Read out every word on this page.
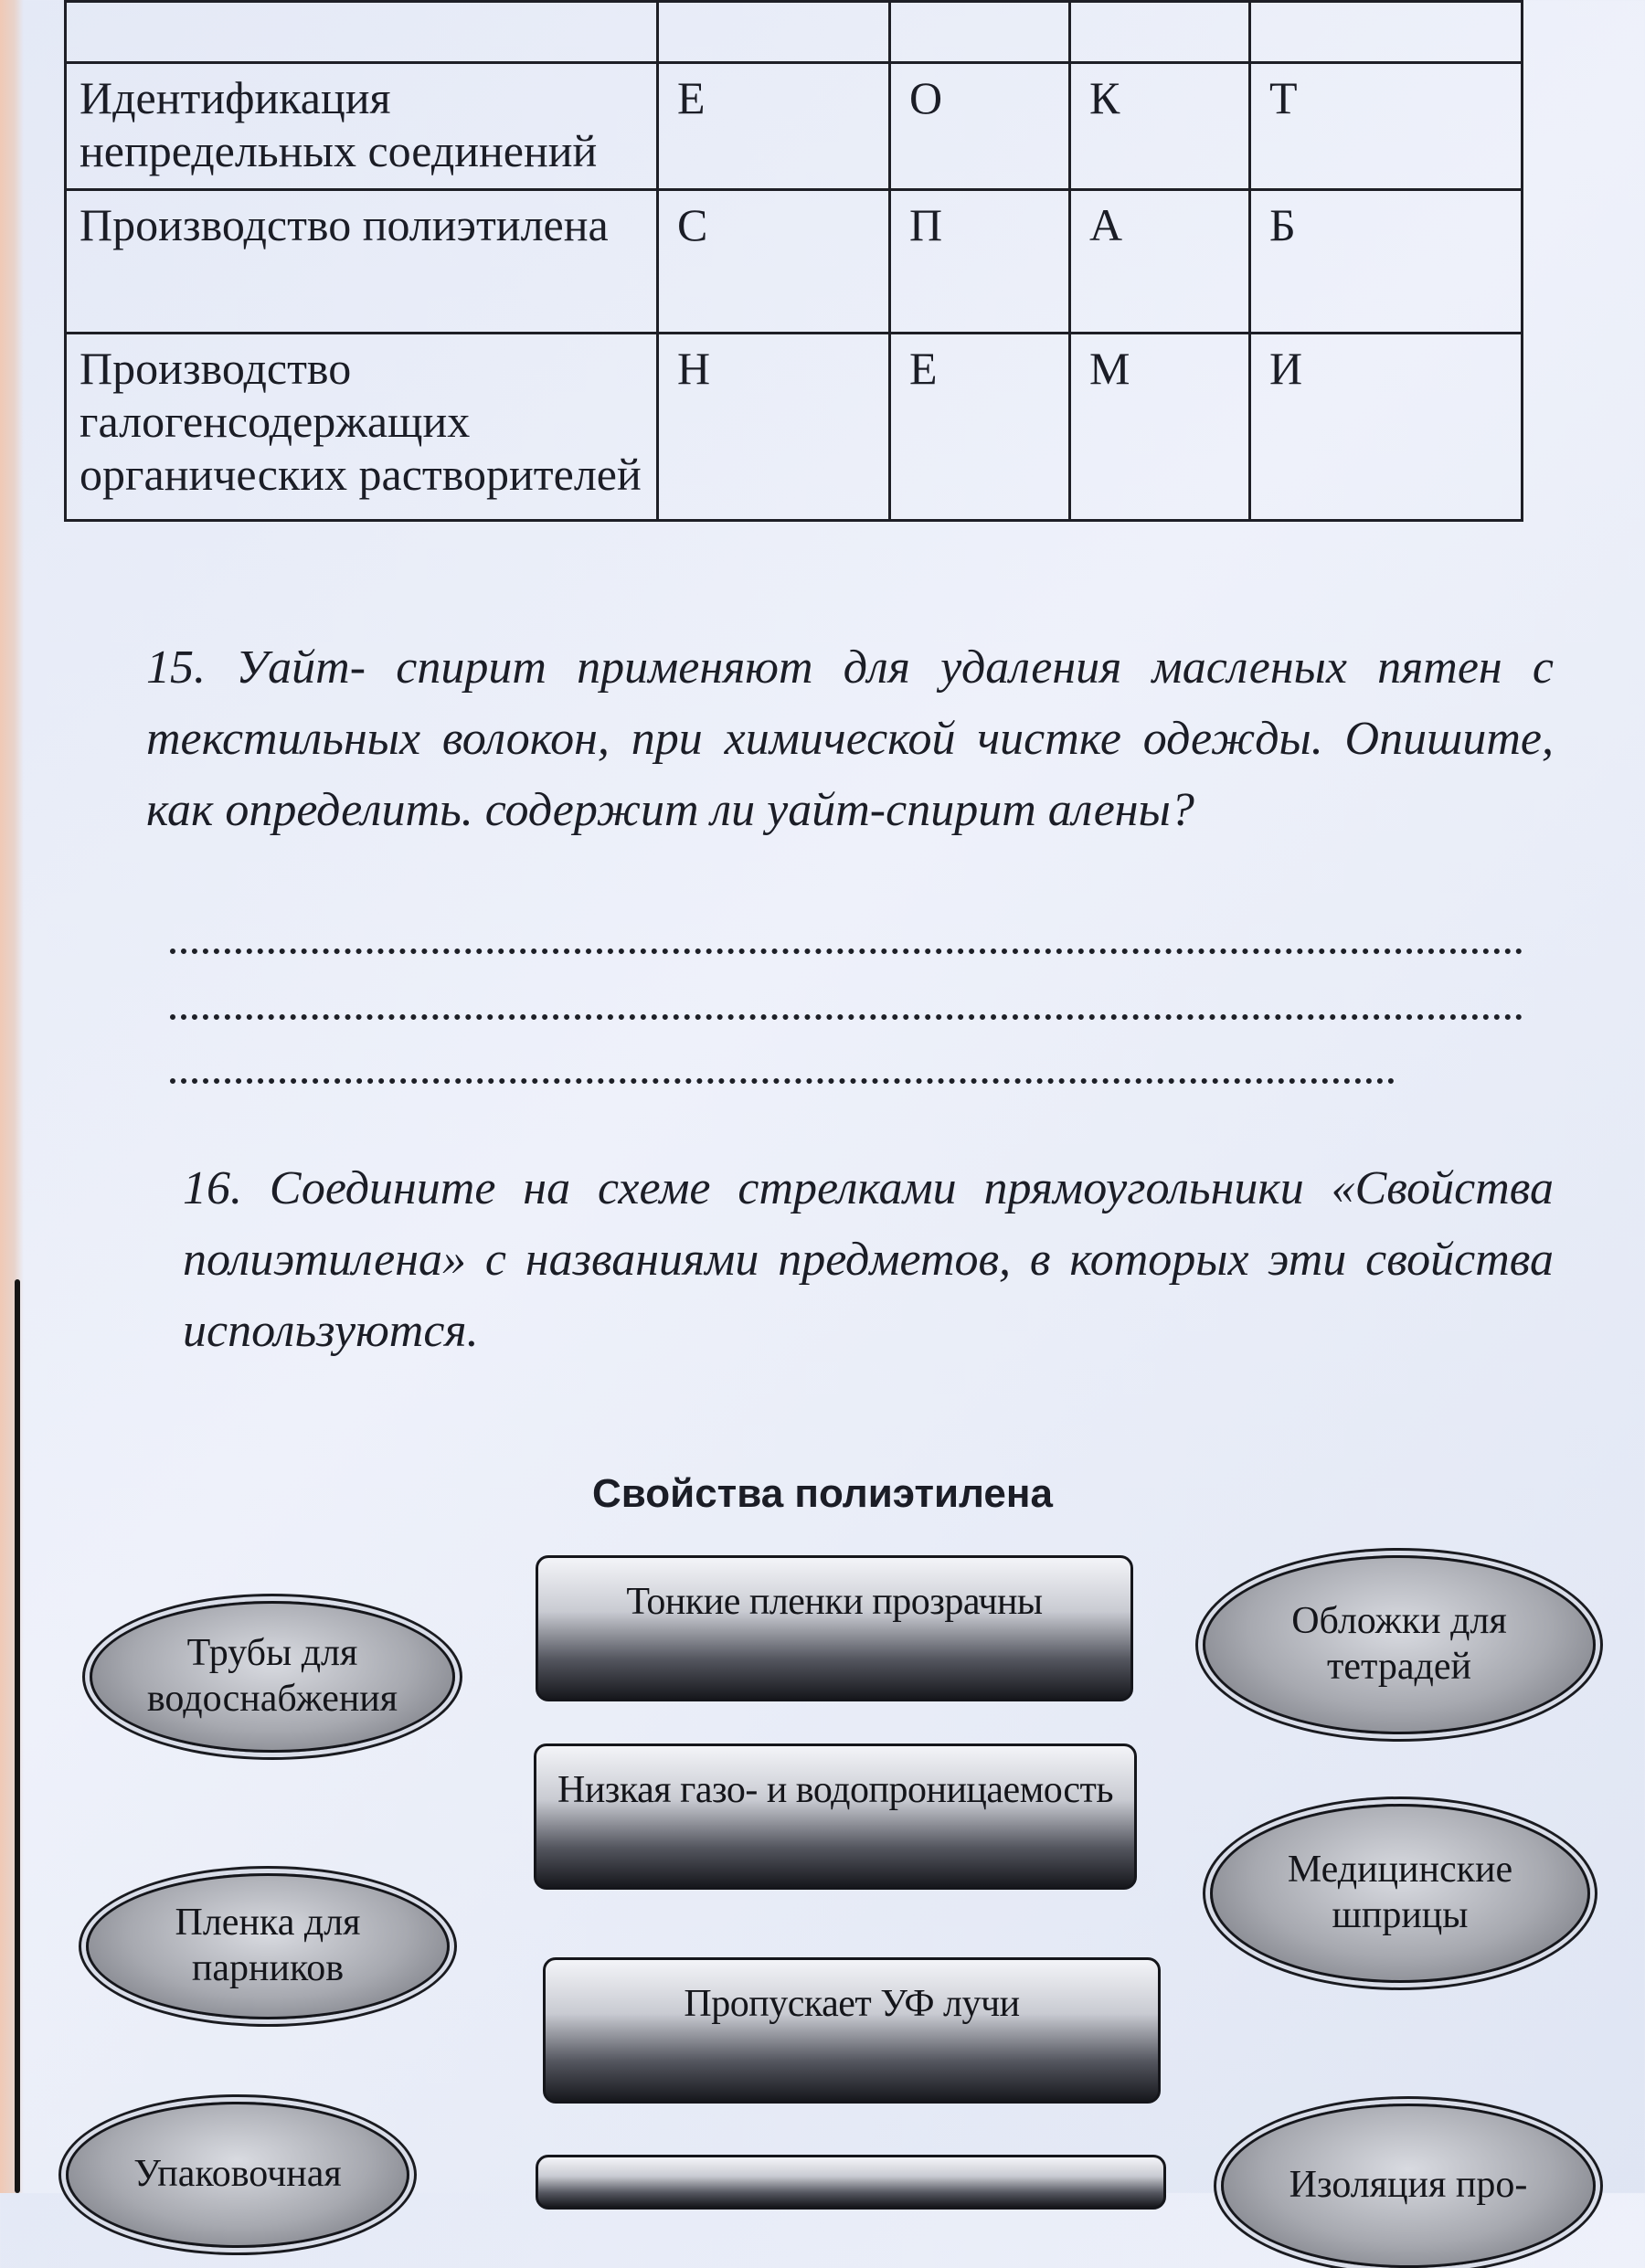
Идентификация непредельных соединений	Е	О	К	Т
Производство полиэтилена	С	П	А	Б
Производство галогенсодержащих органических растворителей	Н	Е	М	И

15. Уайт- спирит применяют для удаления масленых пятен с текстильных волокон, при химической чистке одежды. Опишите, как определить. содержит ли уайт-спирит алены?

16. Соедините на схеме стрелками прямоугольники «Свойства полиэтилена» с названиями предметов, в которых эти свойства используются.

Свойства полиэтилена
Тонкие пленки прозрачны
Низкая газо- и водопроницаемость
Пропускает УФ лучи
Трубы для водоснабжения
Пленка для парников
Упаковочная
Обложки для тетрадей
Медицинские шприцы
Изоляция про-
